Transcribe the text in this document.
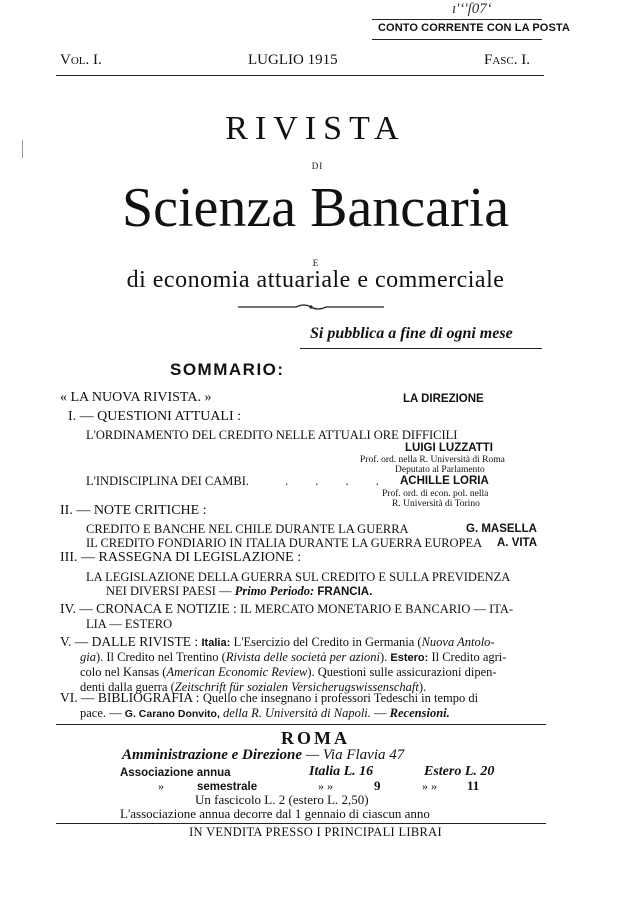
ı'ʻ'ſ07ʻ
CONTO CORRENTE CON LA POSTA
Vol. I.	LUGLIO 1915	Fasc. I.
RIVISTA
DI
Scienza Bancaria
E
di economia attuariale e commerciale
Si pubblica a fine di ogni mese
SOMMARIO:
« LA NUOVA RIVISTA. »	LA DIREZIONE
I. — QUESTIONI ATTUALI :
L'ORDINAMENTO DEL CREDITO NELLE ATTUALI ORE DIFFICILI
LUIGI LUZZATTI
Prof. ord. nella R. Università di Roma
Deputato al Parlamento
L'INDISCIPLINA DEI CAMBI.	. . . . .
ACHILLE LORIA
Prof. ord. di econ. pol. nella
R. Università di Torino
II. — NOTE CRITICHE :
CREDITO E BANCHE NEL CHILE DURANTE LA GUERRA	G. MASELLA
IL CREDITO FONDIARIO IN ITALIA DURANTE LA GUERRA EUROPEA A. VITA
III. — RASSEGNA DI LEGISLAZIONE :
LA LEGISLAZIONE DELLA GUERRA SUL CREDITO E SULLA PREVIDENZA
NEI DIVERSI PAESI — Primo Periodo: FRANCIA.
IV. — CRONACA E NOTIZIE : IL MERCATO MONETARIO E BANCARIO — ITA-
LIA — ESTERO
V. — DALLE RIVISTE : Italia: L'Esercizio del Credito in Germania (Nuova Antolo-
gia). Il Credito nel Trentino (Rivista delle società per azioni). Estero: Il Credito agri-
colo nel Kansas (American Economic Review). Questioni sulle assicurazioni dipen-
denti dalla guerra (Zeitschrift für sozialen Versicherugswissenschaft).
VI. — BIBLIOGRAFIA : Quello che insegnano i professori Tedeschi in tempo di
pace. — G. Carano Donvito, della R. Università di Napoli. — Recensioni.
ROMA
Amministrazione e Direzione — Via Flavia 47
Associazione annua	Italia L. 16	Estero L. 20
»	semestrale	» »	9	» » 11
Un fascicolo L. 2 (estero L. 2,50)
L'associazione annua decorre dal 1 gennaio di ciascun anno
IN VENDITA PRESSO I PRINCIPALI LIBRAI
